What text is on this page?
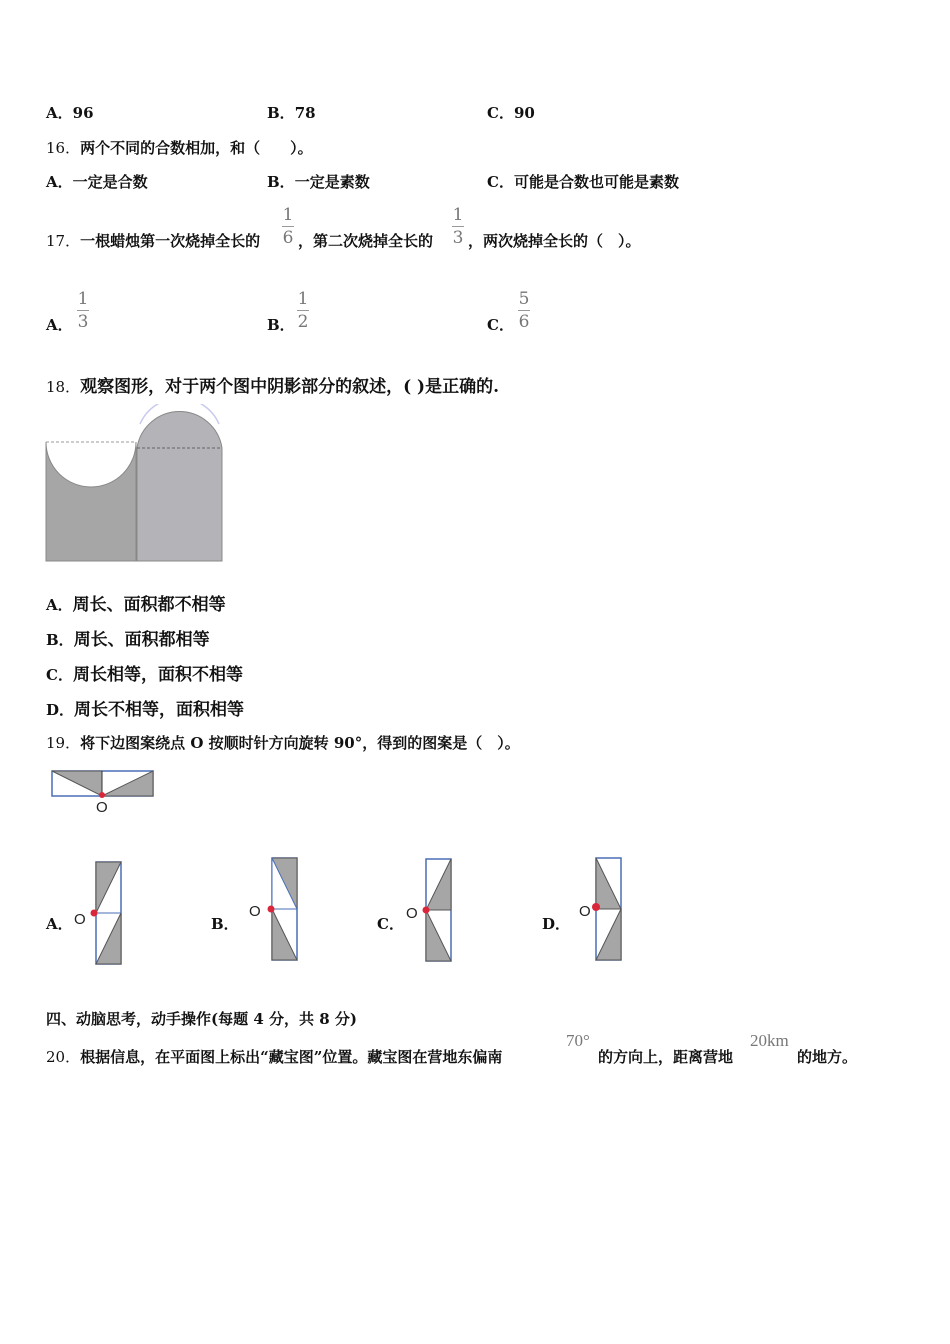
A．96	B．78	C．90
16．两个不同的合数相加，和（　　）。
A．一定是合数	B．一定是素数	C．可能是合数也可能是素数
17．一根蜡烛第一次烧掉全长的
1
6 ，第二次烧掉全长的
1
3 ，两次烧掉全长的（　）。
A．
1
3	B．
1
2	C．
5
6
18．观察图形，对于两个图中阴影部分的叙述，( )是正确的.
A．周长、面积都不相等
B．周长、面积都相等
C．周长相等，面积不相等
D．周长不相等，面积相等
19．将下边图案绕点 O 按顺时针方向旋转 90°，得到的图案是（　）。
O
A． O	B．
O
C．
O
D．
O
四、动脑思考，动手操作(每题 4 分，共 8 分)
20．根据信息，在平面图上标出“藏宝图”位置。藏宝图在营地东偏南
70°
的方向上，距离营地
20km
的地方。
